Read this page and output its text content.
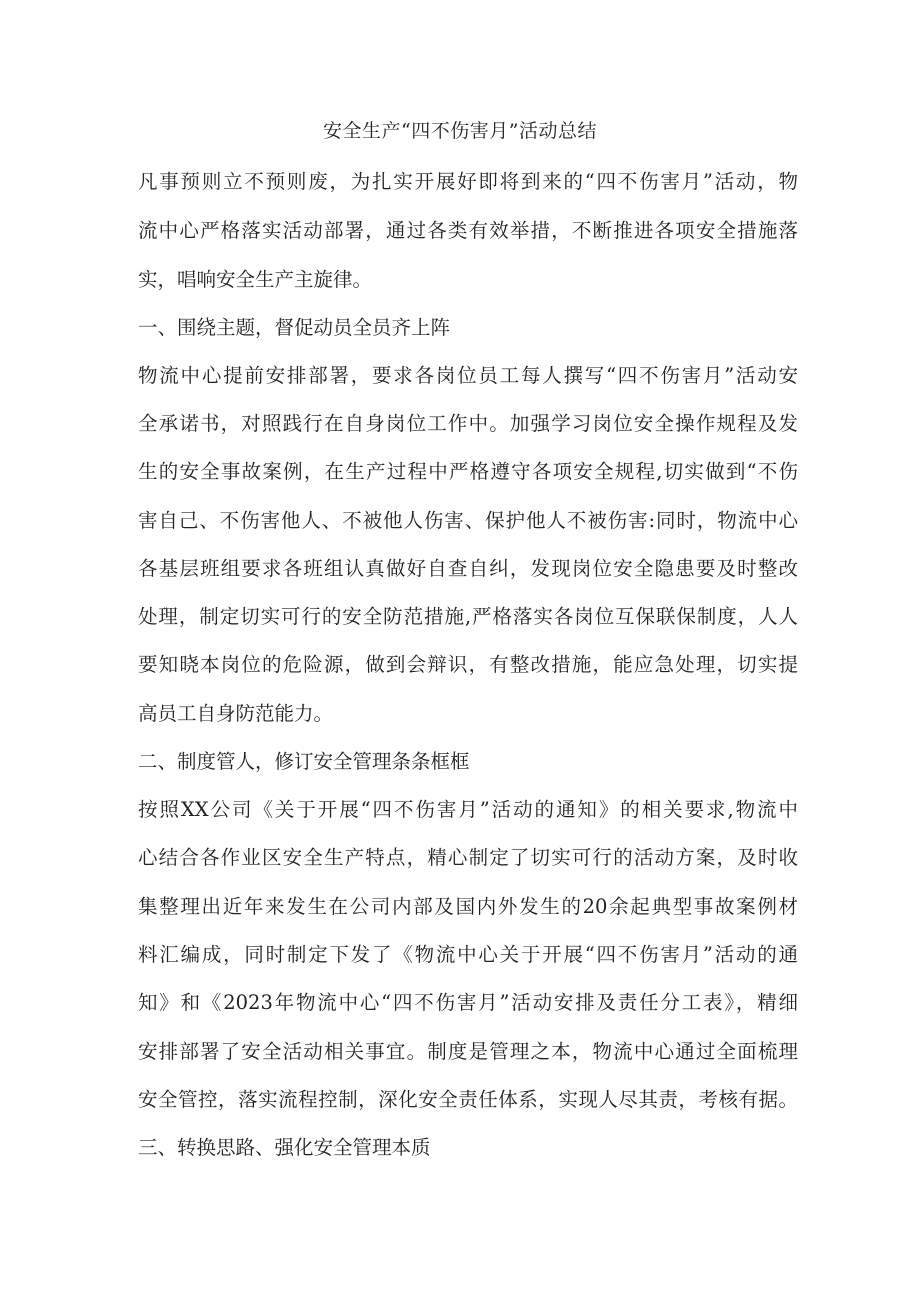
安全生产“四不伤害月”活动总结
凡事预则立不预则废，为扎实开展好即将到来的“四不伤害月”活动，物
流中心严格落实活动部署，通过各类有效举措，不断推进各项安全措施落
实，唱响安全生产主旋律。
一、围绕主题，督促动员全员齐上阵
物流中心提前安排部署，要求各岗位员工每人撰写“四不伤害月”活动安
全承诺书，对照践行在自身岗位工作中。加强学习岗位安全操作规程及发
生的安全事故案例，在生产过程中严格遵守各项安全规程,切实做到“不伤
害自己、不伤害他人、不被他人伤害、保护他人不被伤害:同时，物流中心
各基层班组要求各班组认真做好自查自纠，发现岗位安全隐患要及时整改
处理，制定切实可行的安全防范措施,严格落实各岗位互保联保制度，人人
要知晓本岗位的危险源，做到会辩识，有整改措施，能应急处理，切实提
高员工自身防范能力。
二、制度管人，修订安全管理条条框框
按照XX公司《关于开展“四不伤害月”活动的通知》的相关要求,物流中
心结合各作业区安全生产特点，精心制定了切实可行的活动方案，及时收
集整理出近年来发生在公司内部及国内外发生的20余起典型事故案例材
料汇编成，同时制定下发了《物流中心关于开展“四不伤害月”活动的通
知》和《2023年物流中心“四不伤害月”活动安排及责任分工表》，精细
安排部署了安全活动相关事宜。制度是管理之本，物流中心通过全面梳理
安全管控，落实流程控制，深化安全责任体系，实现人尽其责，考核有据。
三、转换思路、强化安全管理本质
